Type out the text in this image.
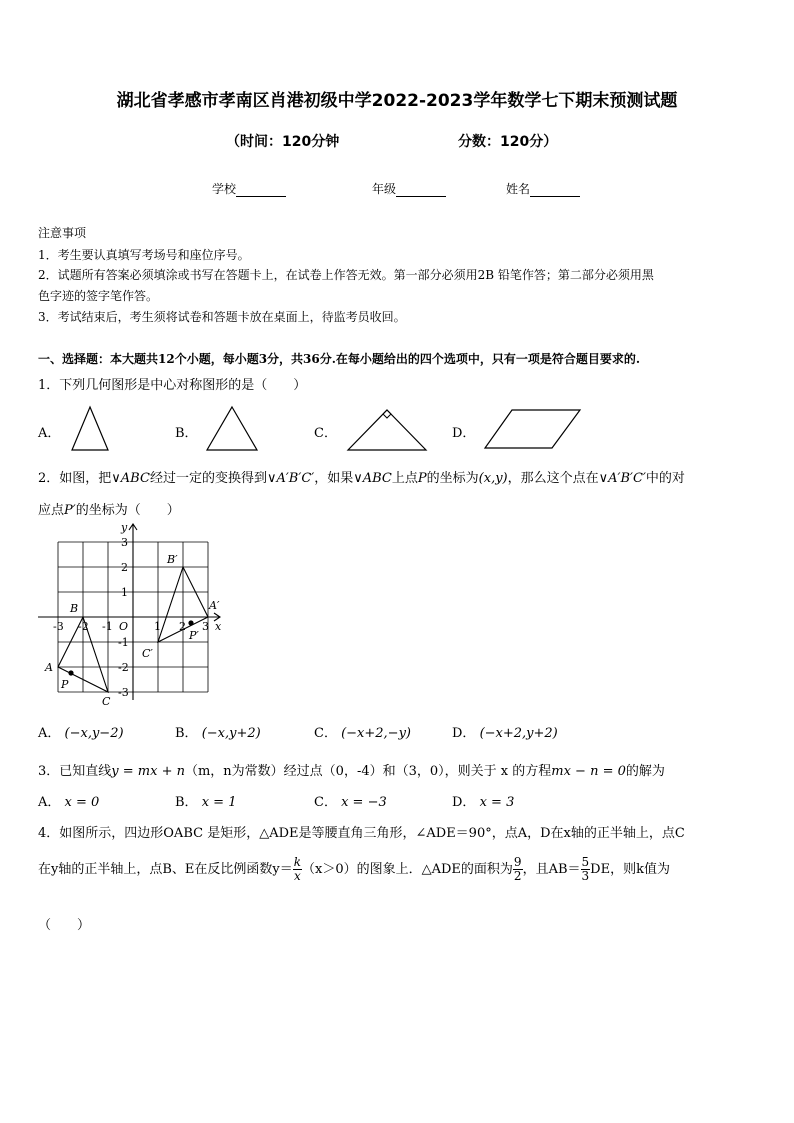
湖北省孝感市孝南区肖港初级中学2022-2023学年数学七下期末预测试题
（时间：120分钟	分数：120分）
学校	年级	姓名
注意事项
1．考生要认真填写考场号和座位序号。
2．试题所有答案必须填涂或书写在答题卡上，在试卷上作答无效。第一部分必须用2B 铅笔作答；第二部分必须用黑
色字迹的签字笔作答。
3．考试结束后，考生须将试卷和答题卡放在桌面上，待监考员收回。
一、选择题：本大题共12个小题，每小题3分，共36分.在每小题给出的四个选项中，只有一项是符合题目要求的.
1．下列几何图形是中心对称图形的是（　　）
A．	B．	C．	D．
2．如图，把∨ABC经过一定的变换得到∨A′B′C′，如果∨ABC上点P的坐标为(x,y)，那么这个点在∨A′B′C′中的对
应点P′的坐标为（　　）
x
y
O
-3 -2 -1	1 2 3
3
2
1
-1
-2
-3
A
B
C
P
A′
B′
C′
P′
A． (−x,y−2)	B． (−x,y+2)	C． (−x+2,−y)	D． (−x+2,y+2)
3．已知直线y = mx + n（m，n为常数）经过点（0，-4）和（3，0），则关于 x 的方程mx − n = 0的解为
A． x = 0	B． x = 1	C． x = −3	D． x = 3
4．如图所示，四边形OABC 是矩形，△ADE是等腰直角三角形，∠ADE＝90°，点A，D在x轴的正半轴上，点C
在y轴的正半轴上，点B、E在反比例函数$y= \frac{k}{x} (x>0)$的图象上．△ADE的面积为 $\frac{9}{2}$ ，且$AB= \frac{5}{3}$ DE，则k值为
（　　）
